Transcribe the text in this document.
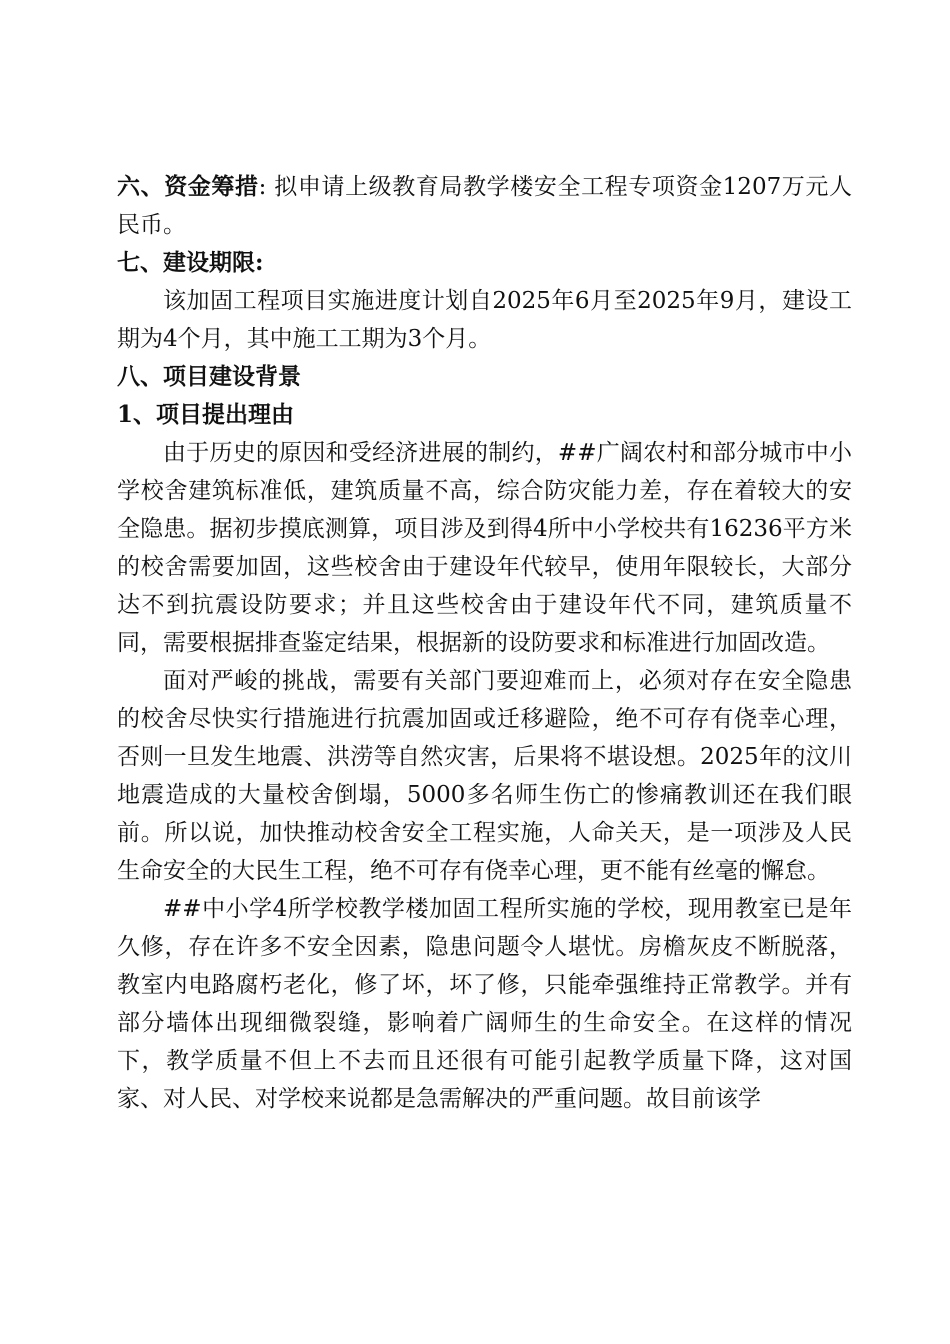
六、资金筹措: 拟申请上级教育局教学楼安全工程专项资金1207万元人民币。

七、建设期限:

该加固工程项目实施进度计划自2025年6月至2025年9月，建设工期为4个月，其中施工工期为3个月。

八、项目建设背景

1、项目提出理由

由于历史的原因和受经济进展的制约，##广阔农村和部分城市中小学校舍建筑标准低，建筑质量不高，综合防灾能力差，存在着较大的安全隐患。据初步摸底测算，项目涉及到得4所中小学校共有16236平方米的校舍需要加固，这些校舍由于建设年代较早，使用年限较长，大部分达不到抗震设防要求；并且这些校舍由于建设年代不同，建筑质量不同，需要根据排查鉴定结果，根据新的设防要求和标准进行加固改造。

面对严峻的挑战，需要有关部门要迎难而上，必须对存在安全隐患的校舍尽快实行措施进行抗震加固或迁移避险，绝不可存有侥幸心理，否则一旦发生地震、洪涝等自然灾害，后果将不堪设想。2025年的汶川地震造成的大量校舍倒塌，5000多名师生伤亡的惨痛教训还在我们眼前。所以说，加快推动校舍安全工程实施，人命关天，是一项涉及人民生命安全的大民生工程，绝不可存有侥幸心理，更不能有丝毫的懈怠。

##中小学4所学校教学楼加固工程所实施的学校，现用教室已是年久修，存在许多不安全因素，隐患问题令人堪忧。房檐灰皮不断脱落，教室内电路腐朽老化，修了坏，坏了修，只能牵强维持正常教学。并有部分墙体出现细微裂缝，影响着广阔师生的生命安全。在这样的情况下，教学质量不但上不去而且还很有可能引起教学质量下降，这对国家、对人民、对学校来说都是急需解决的严重问题。故目前该学
